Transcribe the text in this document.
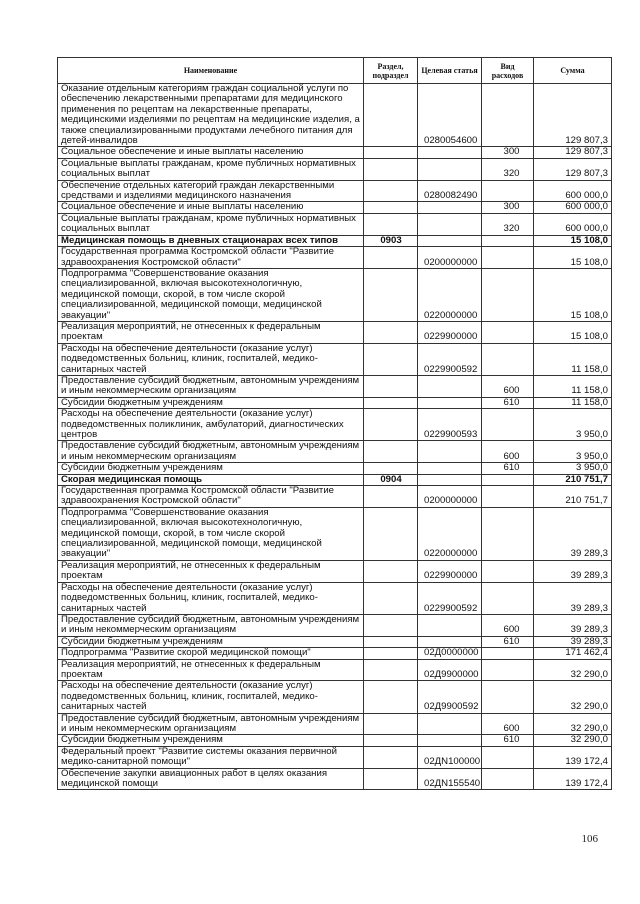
Наименование	Раздел, подраздел	Целевая статья	Вид расходов	Сумма
Оказание отдельным категориям граждан социальной услуги по обеспечению лекарственными препаратами для медицинского применения по рецептам на лекарственные препараты, медицинскими изделиями по рецептам на медицинские изделия, а также специализированными продуктами лечебного питания для детей-инвалидов		0280054600		129 807,3
Социальное обеспечение и иные выплаты населению			300	129 807,3
Социальные выплаты гражданам, кроме публичных нормативных социальных выплат			320	129 807,3
Обеспечение отдельных категорий граждан лекарственными средствами и изделиями медицинского назначения		0280082490		600 000,0
Социальное обеспечение и иные выплаты населению			300	600 000,0
Социальные выплаты гражданам, кроме публичных нормативных социальных выплат			320	600 000,0
Медицинская помощь в дневных стационарах всех типов	0903			15 108,0
Государственная программа Костромской области "Развитие здравоохранения Костромской области"		0200000000		15 108,0
Подпрограмма "Совершенствование оказания специализированной, включая высокотехнологичную, медицинской помощи, скорой, в том числе скорой специализированной, медицинской помощи, медицинской эвакуации"		0220000000		15 108,0
Реализация мероприятий, не отнесенных к федеральным проектам		0229900000		15 108,0
Расходы на обеспечение деятельности (оказание услуг) подведомственных больниц, клиник, госпиталей, медико-санитарных частей		0229900592		11 158,0
Предоставление субсидий бюджетным, автономным учреждениям и иным некоммерческим организациям			600	11 158,0
Субсидии бюджетным учреждениям			610	11 158,0
Расходы на обеспечение деятельности (оказание услуг) подведомственных поликлиник, амбулаторий, диагностических центров		0229900593		3 950,0
Предоставление субсидий бюджетным, автономным учреждениям и иным некоммерческим организациям			600	3 950,0
Субсидии бюджетным учреждениям			610	3 950,0
Скорая медицинская помощь	0904			210 751,7
Государственная программа Костромской области "Развитие здравоохранения Костромской области"		0200000000		210 751,7
Подпрограмма "Совершенствование оказания специализированной, включая высокотехнологичную, медицинской помощи, скорой, в том числе скорой специализированной, медицинской помощи, медицинской эвакуации"		0220000000		39 289,3
Реализация мероприятий, не отнесенных к федеральным проектам		0229900000		39 289,3
Расходы на обеспечение деятельности (оказание услуг) подведомственных больниц, клиник, госпиталей, медико-санитарных частей		0229900592		39 289,3
Предоставление субсидий бюджетным, автономным учреждениям и иным некоммерческим организациям			600	39 289,3
Субсидии бюджетным учреждениям			610	39 289,3
Подпрограмма "Развитие скорой медицинской помощи"		02Д0000000		171 462,4
Реализация мероприятий, не отнесенных к федеральным проектам		02Д9900000		32 290,0
Расходы на обеспечение деятельности (оказание услуг) подведомственных больниц, клиник, госпиталей, медико-санитарных частей		02Д9900592		32 290,0
Предоставление субсидий бюджетным, автономным учреждениям и иным некоммерческим организациям			600	32 290,0
Субсидии бюджетным учреждениям			610	32 290,0
Федеральный проект "Развитие системы оказания первичной медико-санитарной помощи"		02ДN100000		139 172,4
Обеспечение закупки авиационных работ в целях оказания медицинской помощи		02ДN155540		139 172,4
106
